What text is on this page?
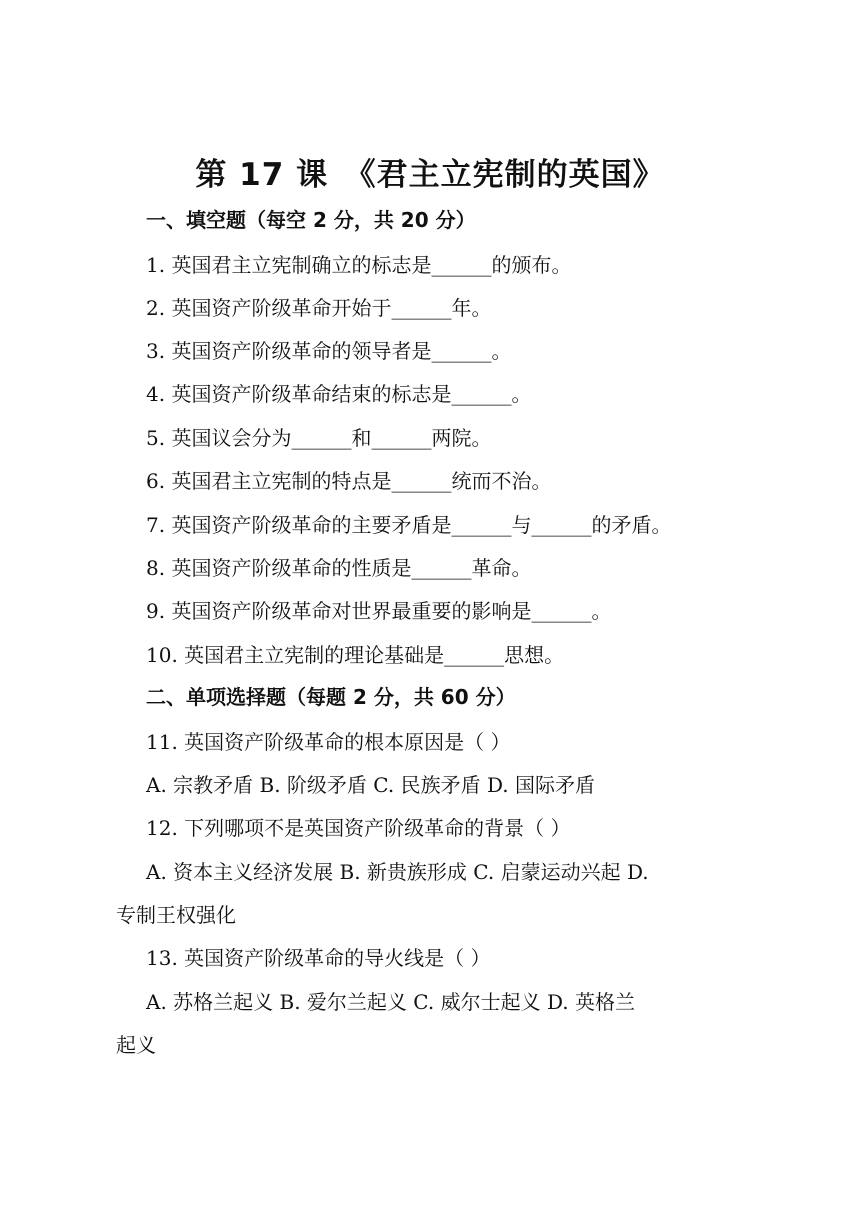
第 17 课　《君主立宪制的英国》
一、填空题（每空 2 分，共 20 分）
1. 英国君主立宪制确立的标志是______的颁布。
2. 英国资产阶级革命开始于______年。
3. 英国资产阶级革命的领导者是______。
4. 英国资产阶级革命结束的标志是______。
5. 英国议会分为______和______两院。
6. 英国君主立宪制的特点是______统而不治。
7. 英国资产阶级革命的主要矛盾是______与______的矛盾。
8. 英国资产阶级革命的性质是______革命。
9. 英国资产阶级革命对世界最重要的影响是______。
10. 英国君主立宪制的理论基础是______思想。
二、单项选择题（每题 2 分，共 60 分）
11. 英国资产阶级革命的根本原因是（ ）
A. 宗教矛盾 B. 阶级矛盾 C. 民族矛盾 D. 国际矛盾
12. 下列哪项不是英国资产阶级革命的背景（ ）
A. 资本主义经济发展 B. 新贵族形成 C. 启蒙运动兴起 D.
专制王权强化
13. 英国资产阶级革命的导火线是（ ）
A. 苏格兰起义 B. 爱尔兰起义 C. 威尔士起义 D. 英格兰
起义
